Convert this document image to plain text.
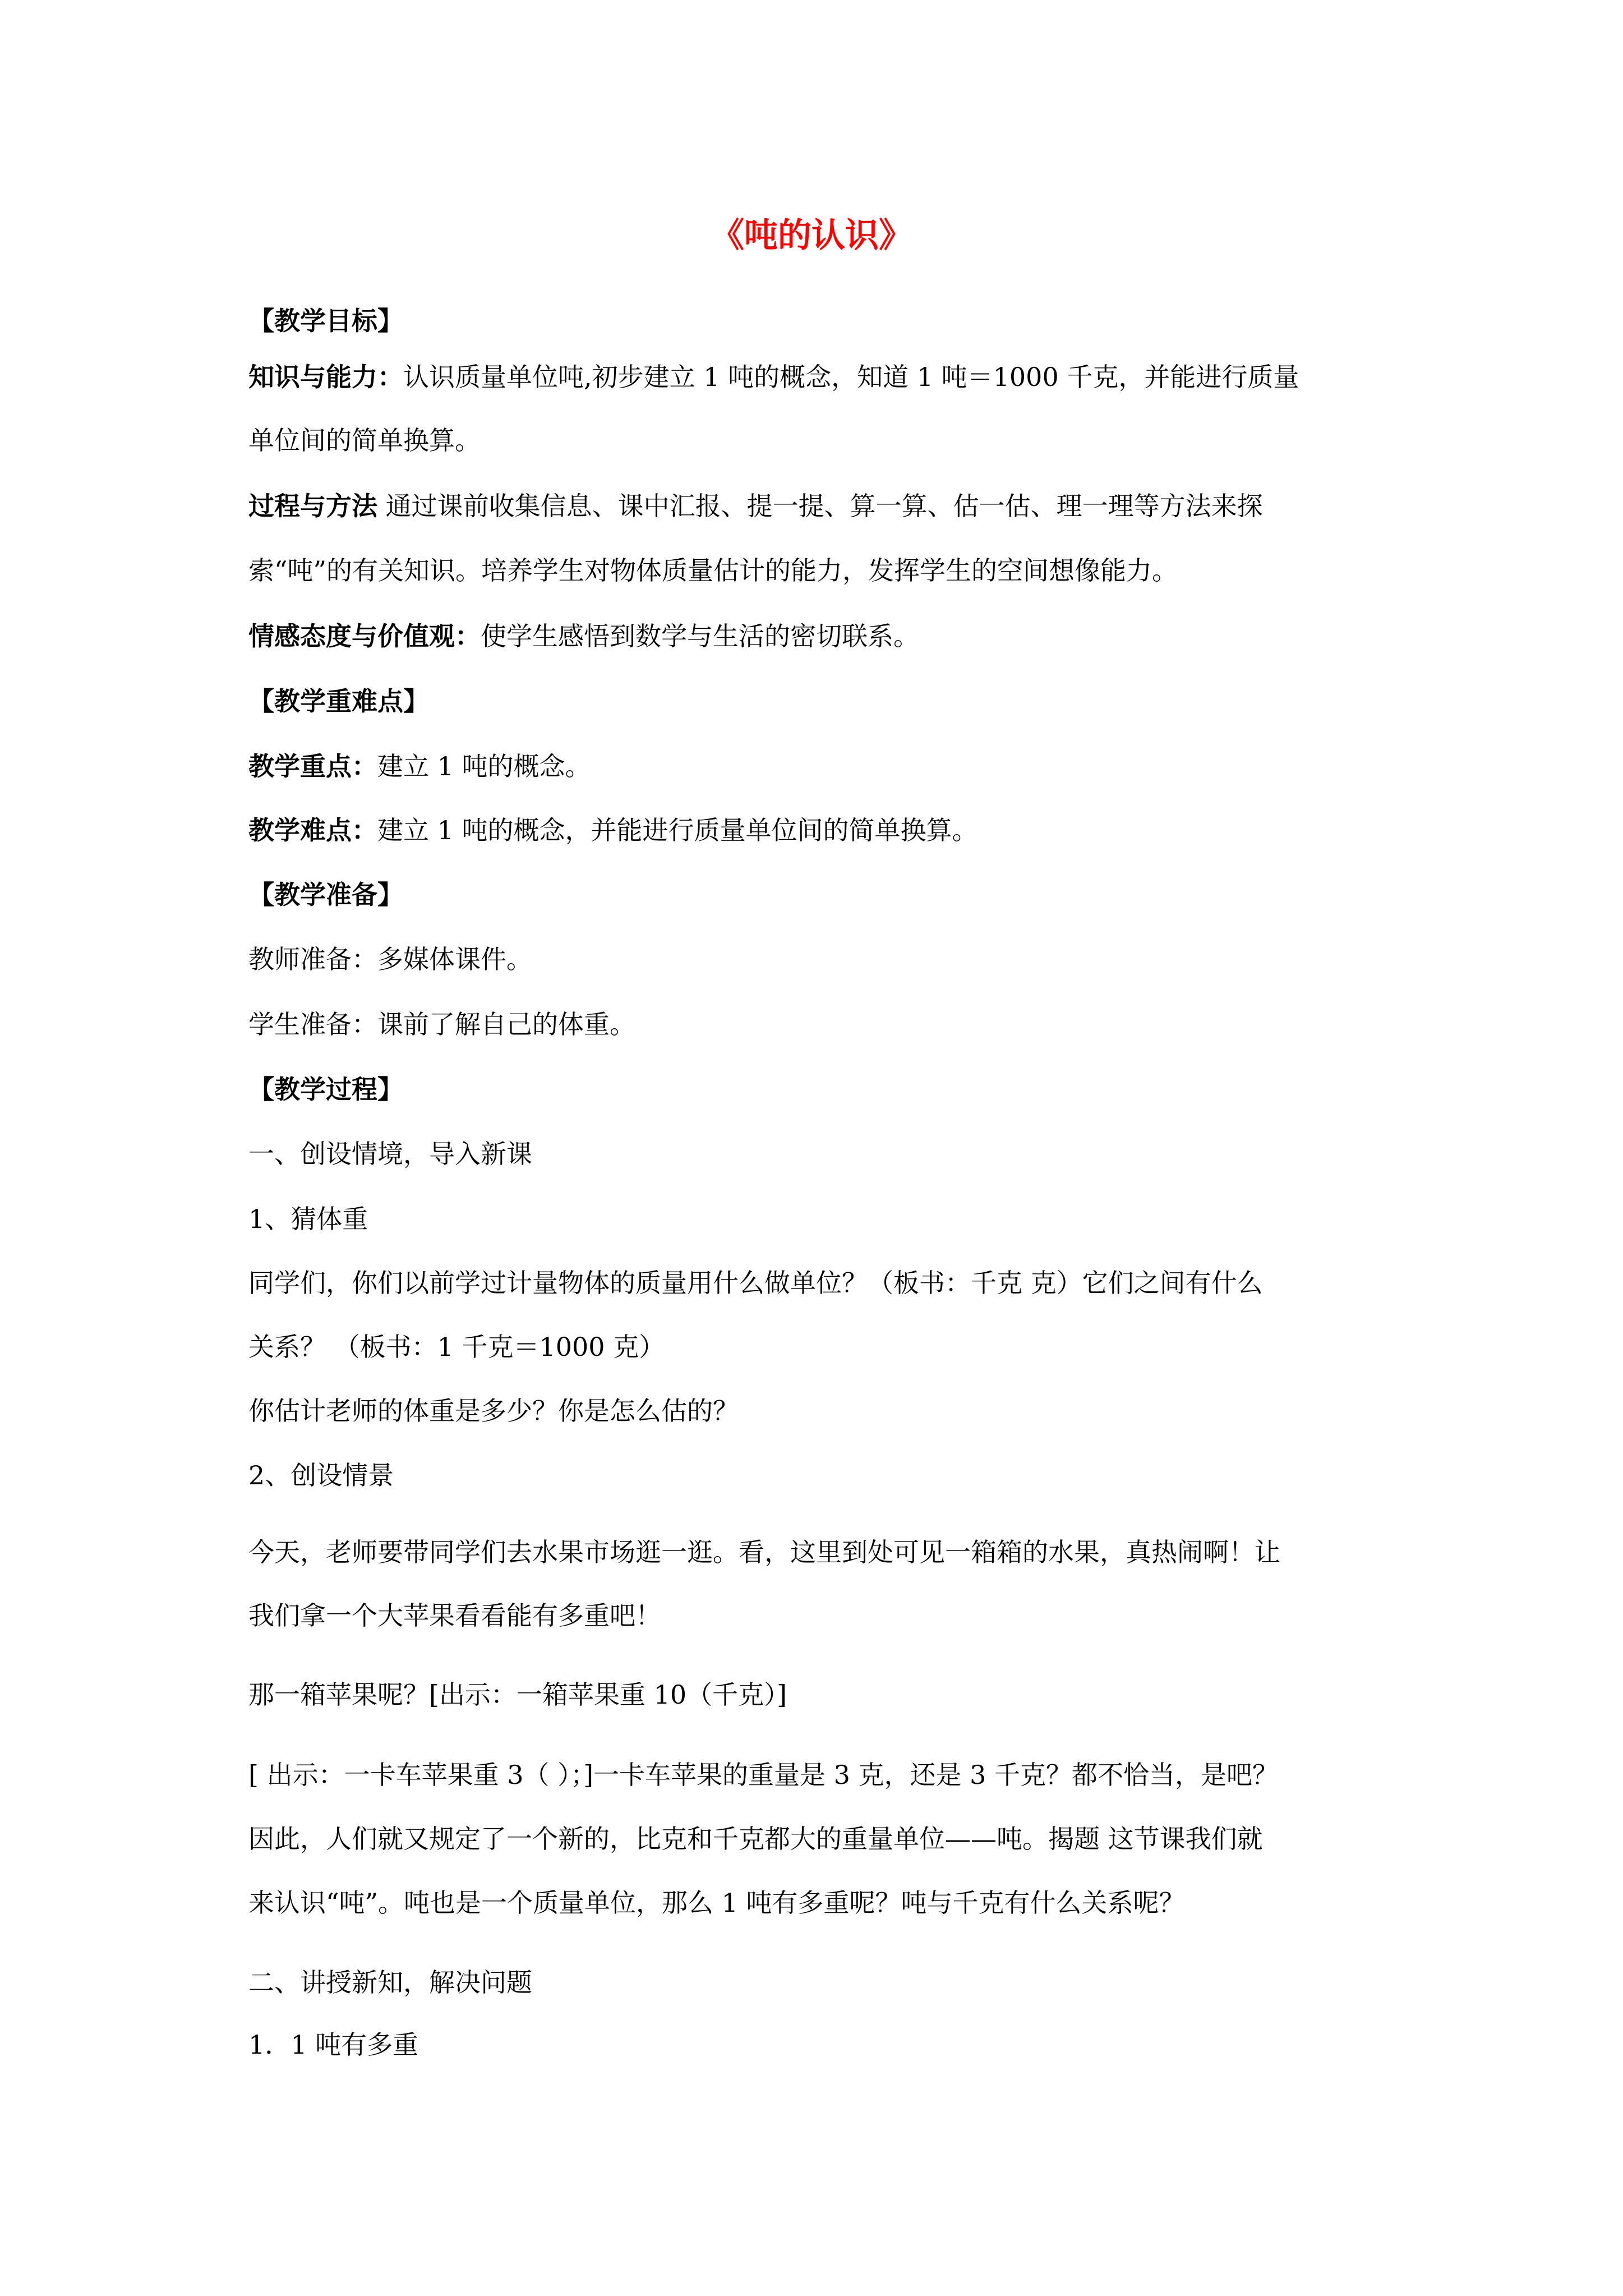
《吨的认识》
【教学目标】
知识与能力：认识质量单位吨,初步建立 1 吨的概念，知道 1 吨＝1000 千克，并能进行质量
单位间的简单换算。
过程与方法 通过课前收集信息、课中汇报、提一提、算一算、估一估、理一理等方法来探
索“吨”的有关知识。培养学生对物体质量估计的能力，发挥学生的空间想像能力。
情感态度与价值观：使学生感悟到数学与生活的密切联系。
【教学重难点】
教学重点：建立 1 吨的概念。
教学难点：建立 1 吨的概念，并能进行质量单位间的简单换算。
【教学准备】
教师准备：多媒体课件。
学生准备：课前了解自己的体重。
【教学过程】
一、创设情境，导入新课
1、猜体重
同学们，你们以前学过计量物体的质量用什么做单位？（板书：千克 克）它们之间有什么
关系？ （板书：1 千克＝1000 克）
你估计老师的体重是多少？你是怎么估的？
2、创设情景
今天，老师要带同学们去水果市场逛一逛。看，这里到处可见一箱箱的水果，真热闹啊！让
我们拿一个大苹果看看能有多重吧！
那一箱苹果呢？[出示：一箱苹果重 10（千克）]
[ 出示：一卡车苹果重 3（ ）；]一卡车苹果的重量是 3 克，还是 3 千克？都不恰当，是吧？
因此，人们就又规定了一个新的，比克和千克都大的重量单位——吨。揭题 这节课我们就
来认识“吨”。吨也是一个质量单位，那么 1 吨有多重呢？吨与千克有什么关系呢？
二、讲授新知，解决问题
1．1 吨有多重
